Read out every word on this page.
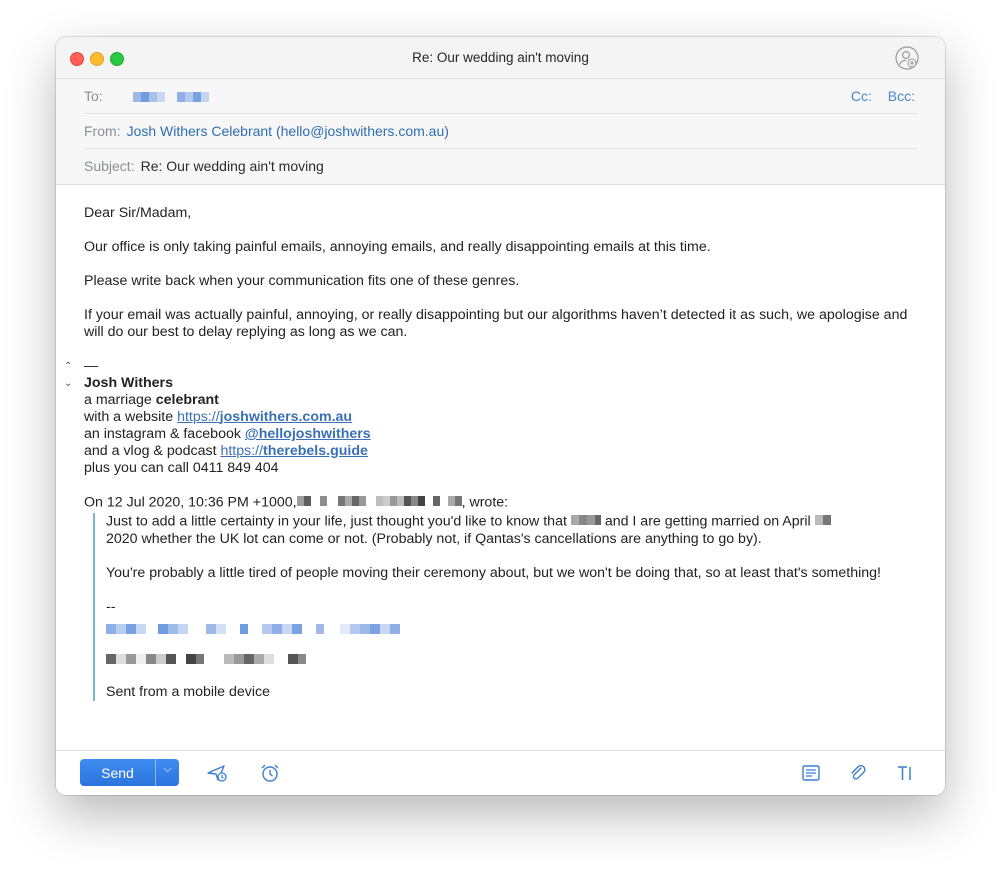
Re: Our wedding ain't moving
To:	Cc: Bcc:
From: Josh Withers Celebrant (hello@joshwithers.com.au)
Subject: Re: Our wedding ain't moving

Dear Sir/Madam,

Our office is only taking painful emails, annoying emails, and really disappointing emails at this time.

Please write back when your communication fits one of these genres.

If your email was actually painful, annoying, or really disappointing but our algorithms haven’t detected it as such, we apologise and will do our best to delay replying as long as we can.

⌃
⌄
—
Josh Withers
a marriage celebrant
with a website https://joshwithers.com.au
an instagram & facebook @hellojoshwithers
and a vlog & podcast https://therebels.guide
plus you can call 0411 849 404
On 12 Jul 2020, 10:36 PM +1000,	, wrote:

Just to add a little certainty in your life, just thought you'd like to know that	and I are getting married on April
2020 whether the UK lot can come or not. (Probably not, if Qantas's cancellations are anything to go by).

You're probably a little tired of people moving their ceremony about, but we won't be doing that, so at least that's something!

--
Sent from a mobile device
Send	⌵
